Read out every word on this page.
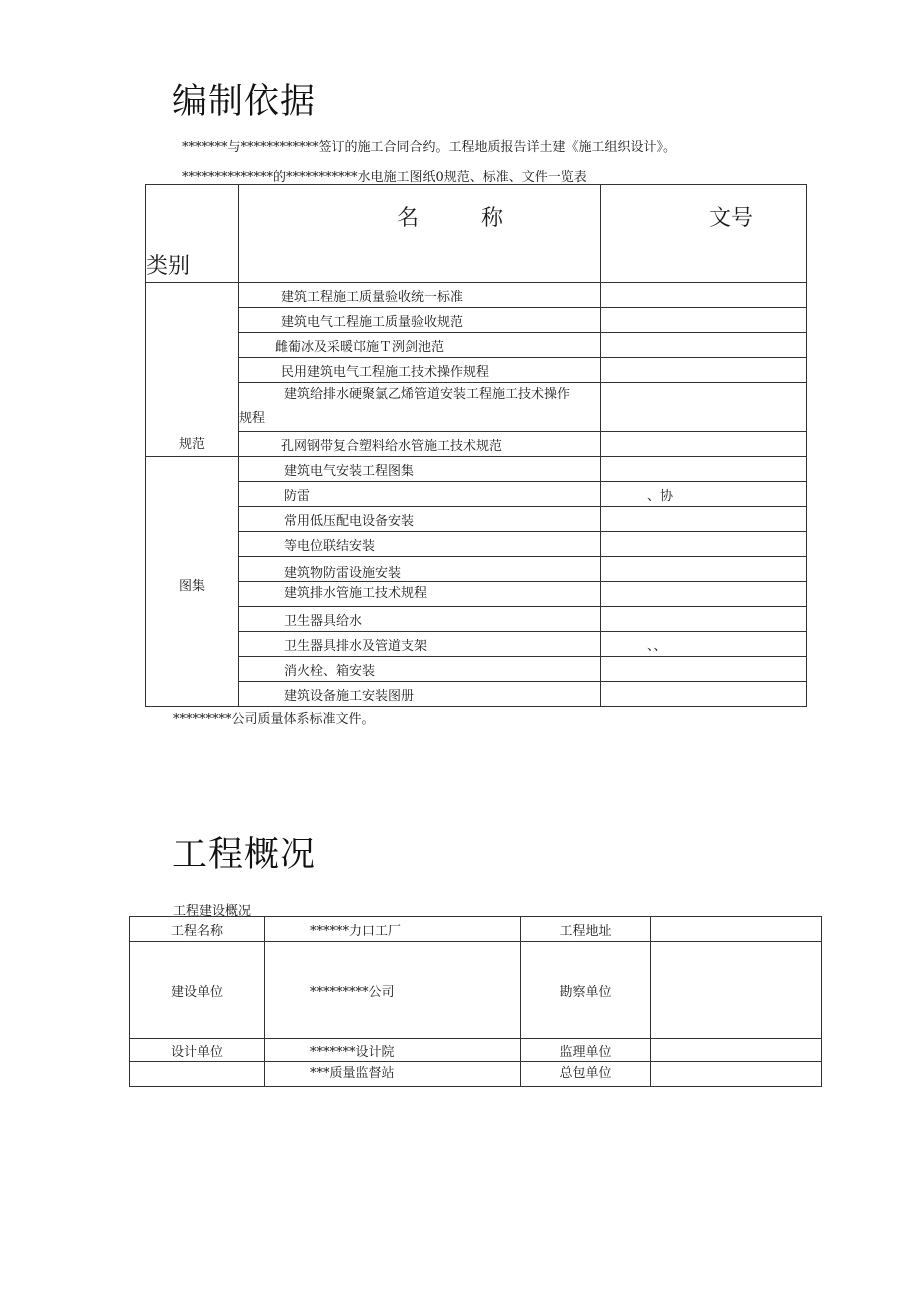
编制依据
*******与************签订的施工合同合约。工程地质报告详土建《施工组织设计》。
**************的***********水电施工图纸0规范、标准、文件一览表
类别	名 称	文号
规范	建筑工程施工质量验收统一标准	
	建筑电气工程施工质量验收规范	
	雌葡冰及采暖邙施Ｔ洌剑池范	
	民用建筑电气工程施工技术操作规程	

	建筑给排水硬聚氯乙烯管道安装工程施工技术操作
规程	

	孔网钢带复合塑料给水管施工技术规范	
图集	建筑电气安装工程图集	
	防雷	、协
	常用低压配电设备安装	
	等电位联结安装	
	建筑物防雷设施安装	
	建筑排水管施工技术规程	
	卫生器具给水	
	卫生器具排水及管道支架	、、
	消火栓、箱安装	
	建筑设备施工安装图册	
*********公司质量体系标准文件。
工程概况
工程建设概况
工程名称	******力口工厂	工程地址	
建设单位	*********公司	勘察单位	
设计单位	*******设计院	监理单位	
	***质量监督站	总包单位	
